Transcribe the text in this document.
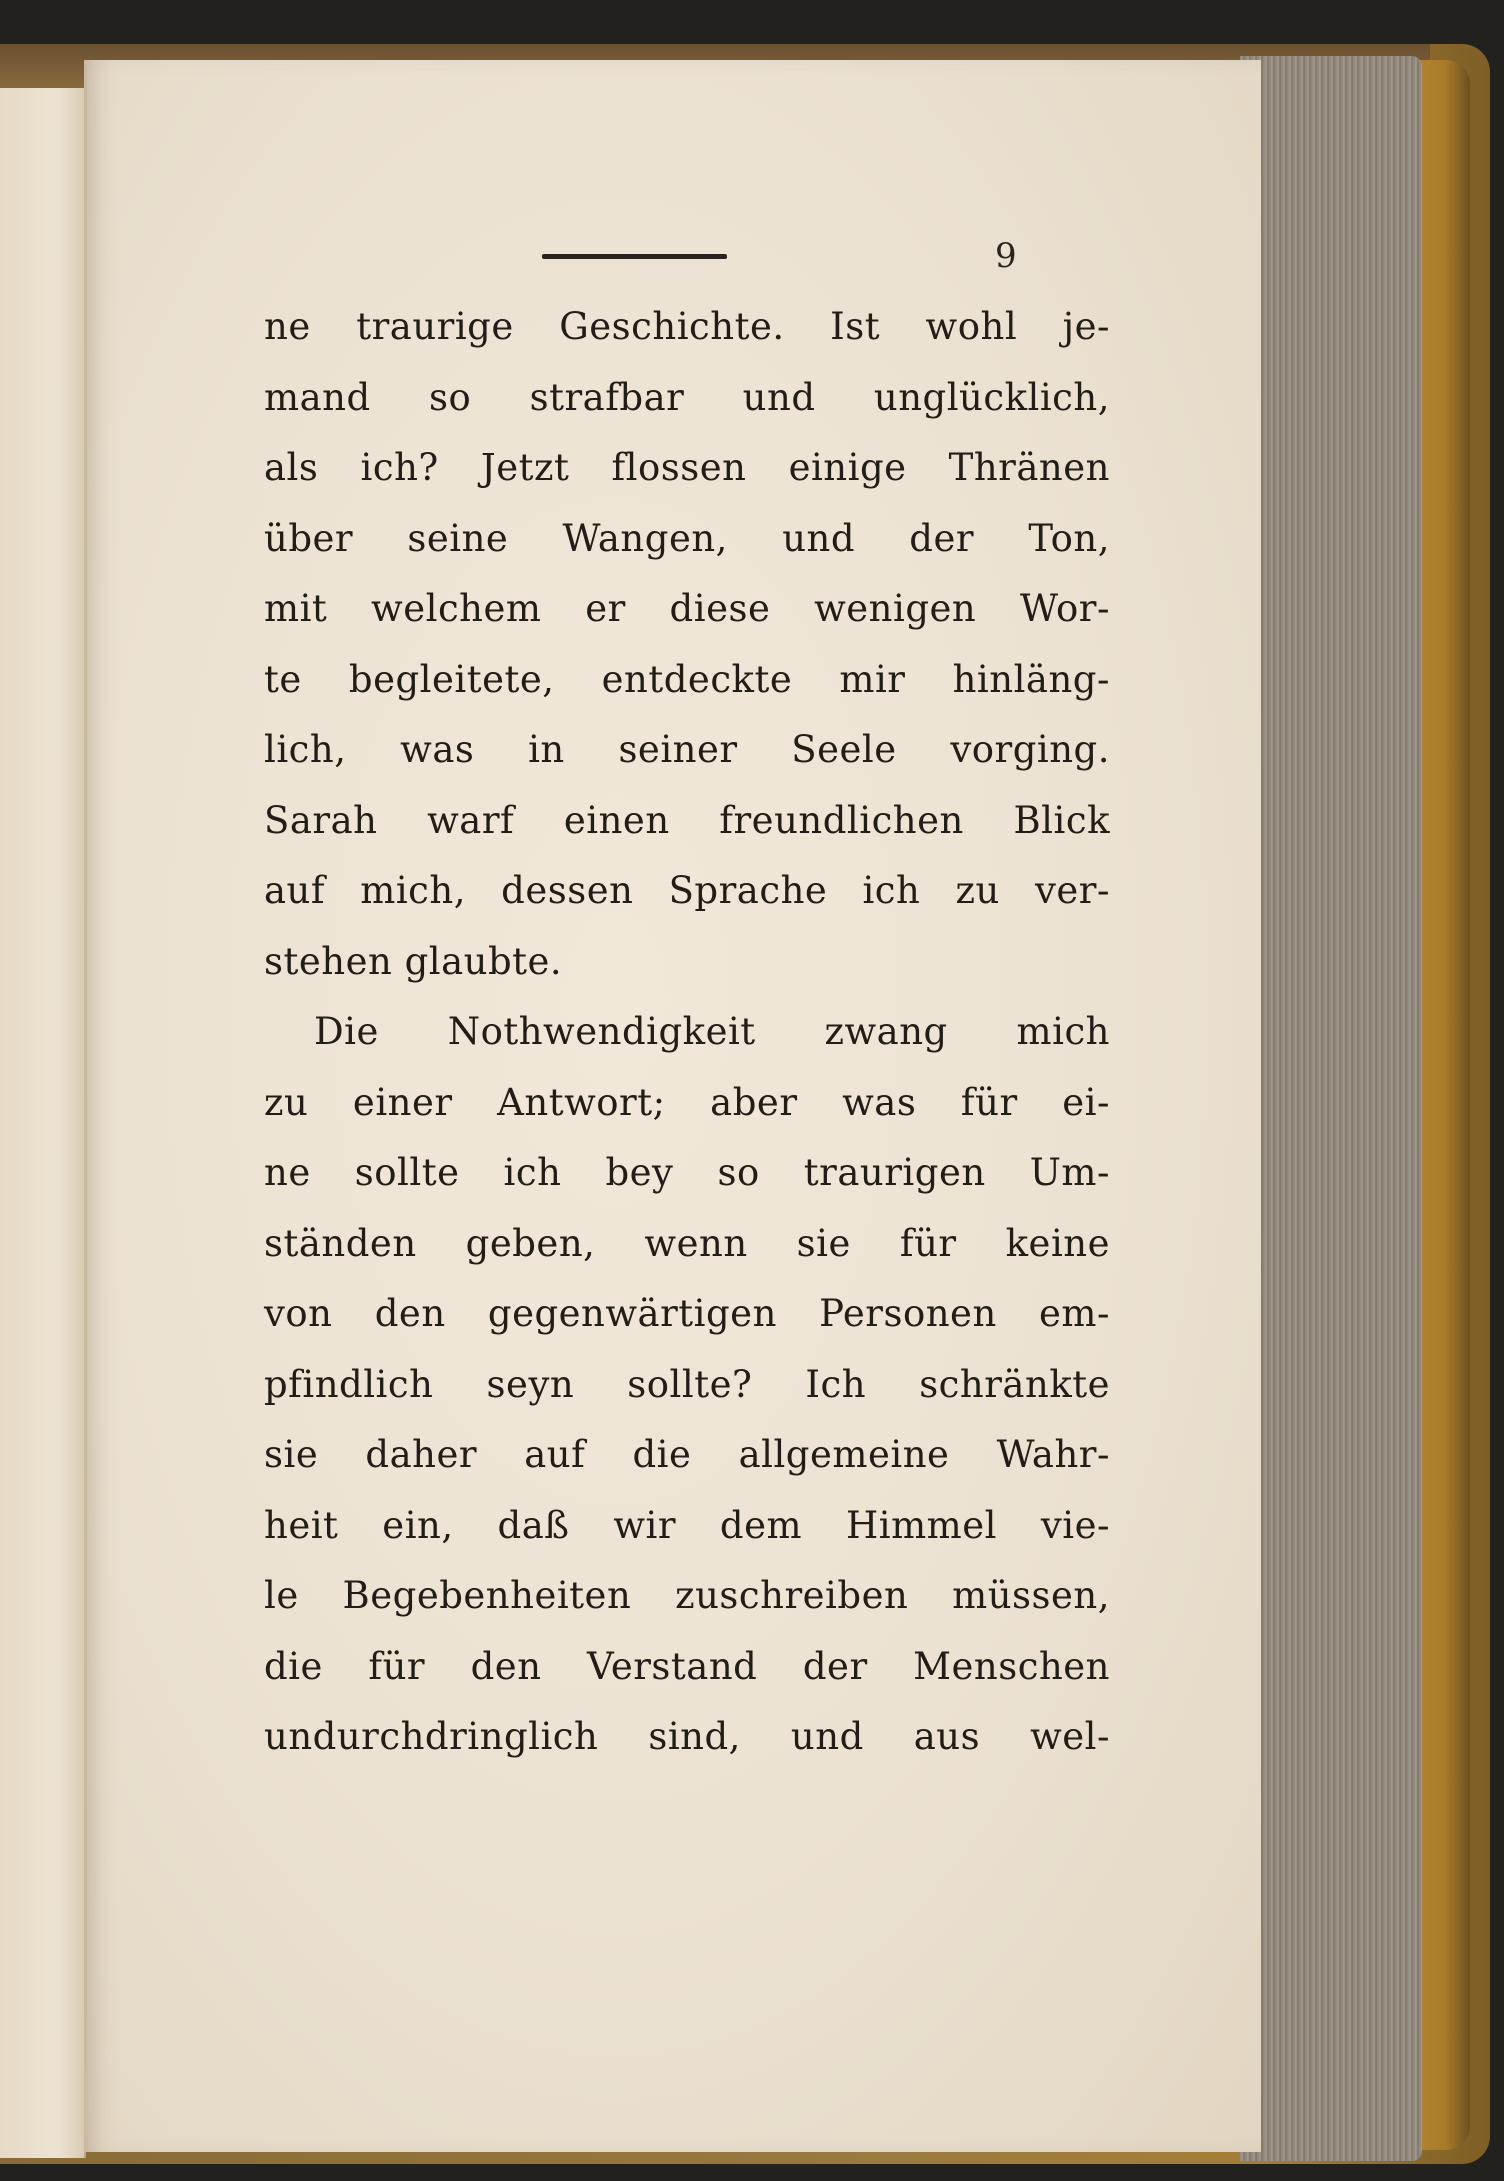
9
ne traurige Geschichte. Ist wohl je-
mand so strafbar und unglücklich,
als ich? Jetzt flossen einige Thränen
über seine Wangen, und der Ton,
mit welchem er diese wenigen Wor-
te begleitete, entdeckte mir hinläng-
lich, was in seiner Seele vorging.
Sarah warf einen freundlichen Blick
auf mich, dessen Sprache ich zu ver-
stehen glaubte.
Die Nothwendigkeit zwang mich
zu einer Antwort; aber was für ei-
ne sollte ich bey so traurigen Um-
ständen geben, wenn sie für keine
von den gegenwärtigen Personen em-
pfindlich seyn sollte? Ich schränkte
sie daher auf die allgemeine Wahr-
heit ein, daß wir dem Himmel vie-
le Begebenheiten zuschreiben müssen,
die für den Verstand der Menschen
undurchdringlich sind, und aus wel-
